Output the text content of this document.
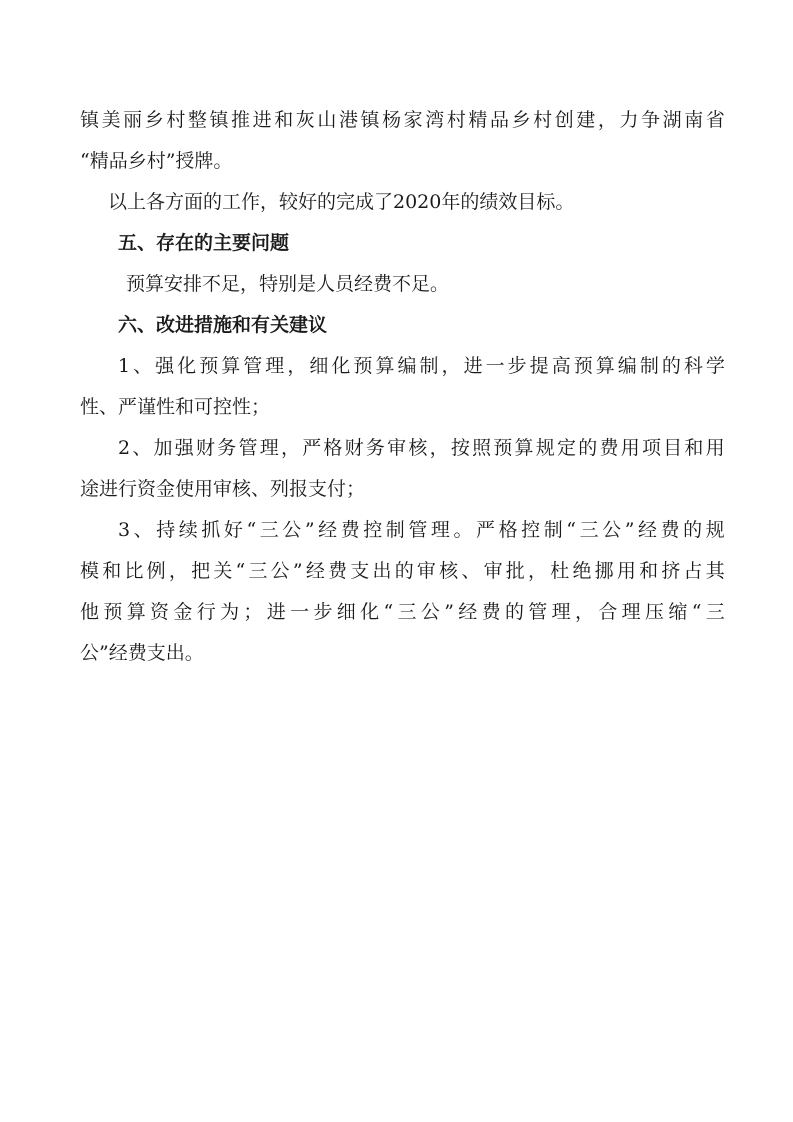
镇 美 丽 乡 村 整 镇 推 进 和 灰 山 港 镇 杨 家 湾 村 精 品 乡 村 创 建 ， 力 争 湖 南 省
“精品乡村”授牌。
以上各方面的工作，较好的完成了2020年的绩效目标。
五、存在的主要问题
预算安排不足，特别是人员经费不足。
六、改进措施和有关建议
1 、 强 化 预 算 管 理 ， 细 化 预 算 编 制 ， 进 一 步 提 高 预 算 编 制 的 科 学
性、严谨性和可控性；
2 、 加 强 财 务 管 理 ， 严 格 财 务 审 核 ， 按 照 预 算 规 定 的 费 用 项 目 和 用
途进行资金使用审核、列报支付；
3 、 持 续 抓 好 “ 三 公 ” 经 费 控 制 管 理 。 严 格 控 制 “ 三 公 ” 经 费 的 规
模 和 比 例 ， 把 关 “ 三 公 ” 经 费 支 出 的 审 核 、 审 批 ， 杜 绝 挪 用 和 挤 占 其
他 预 算 资 金 行 为 ； 进 一 步 细 化 “ 三 公 ” 经 费 的 管 理 ， 合 理 压 缩 “ 三
公”经费支出。
